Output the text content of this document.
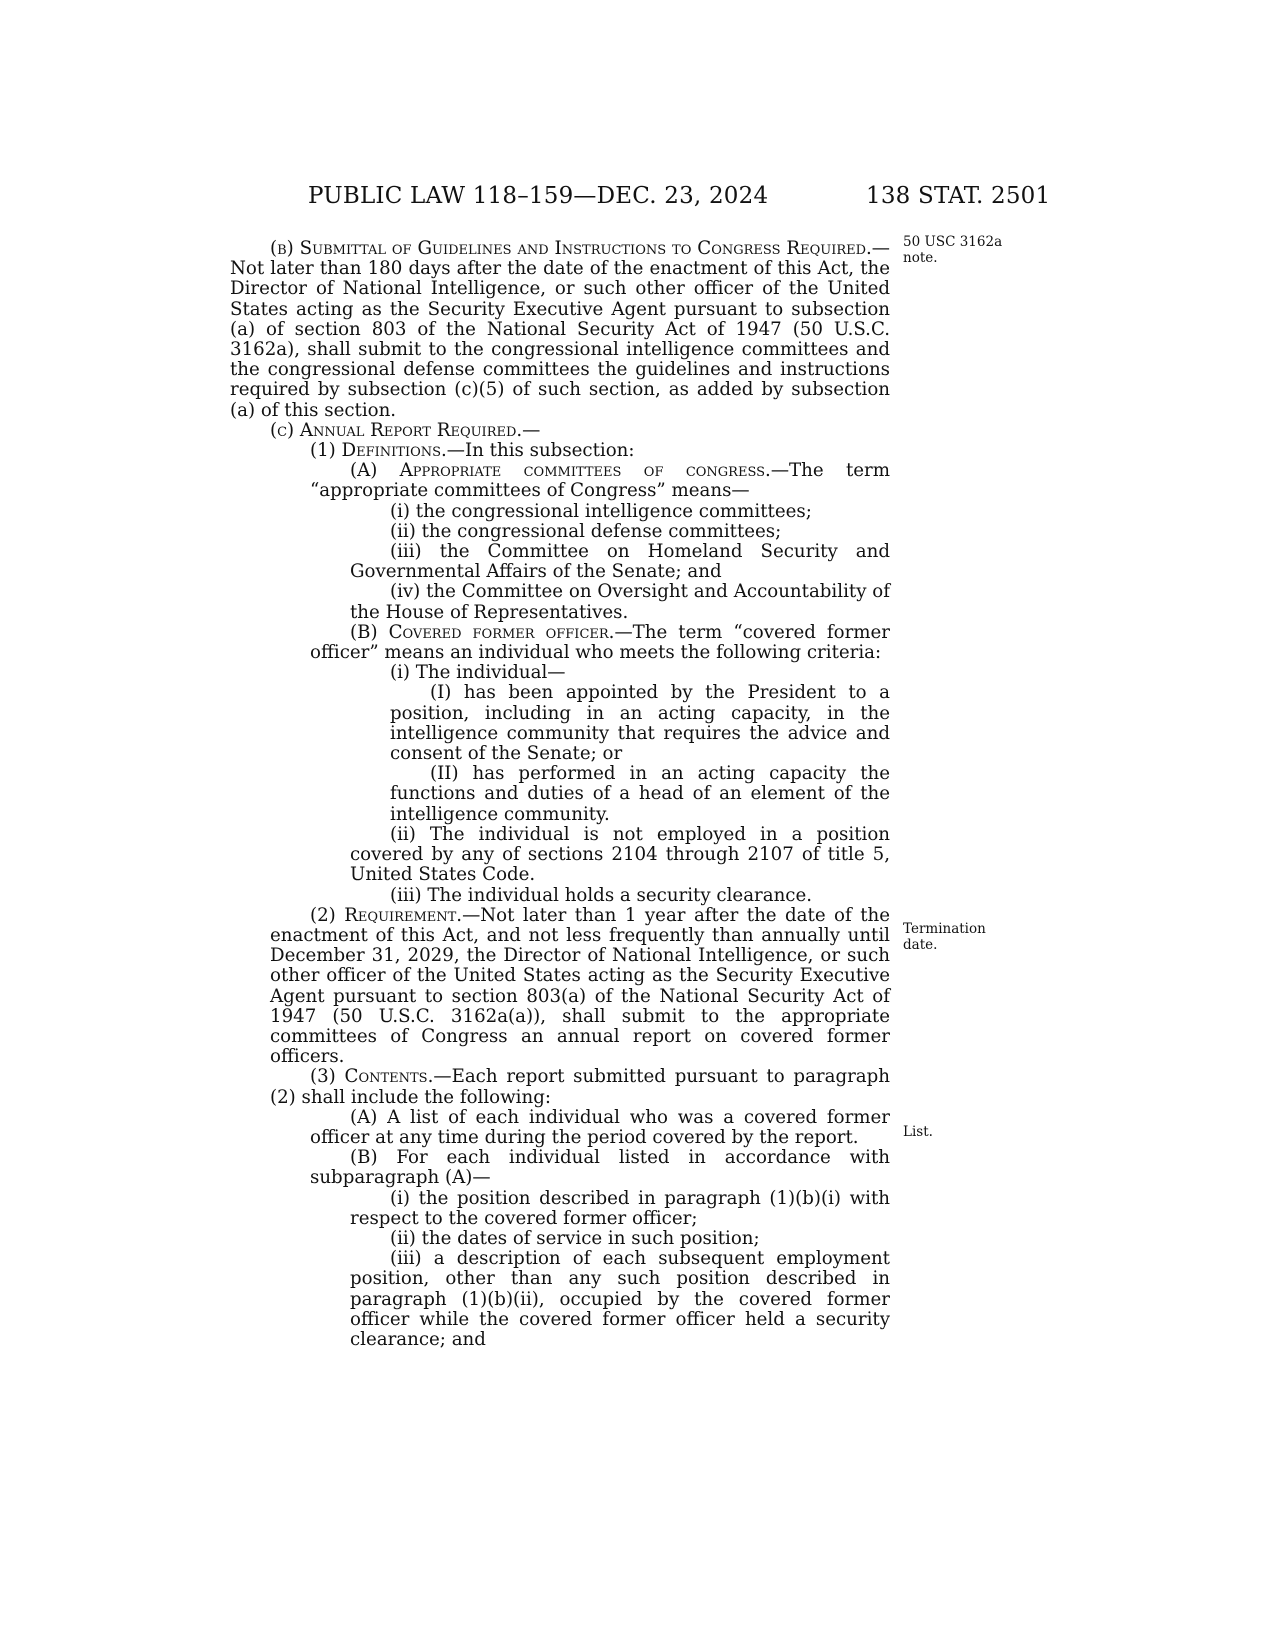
PUBLIC LAW 118–159—DEC. 23, 2024	138 STAT. 2501
50 USC 3162a
note.
Termination
date.
List.

(b) Submittal of Guidelines and Instructions to Congress Required.—Not later than 180 days after the date of the enactment of this Act, the Director of National Intelligence, or such other officer of the United States acting as the Security Executive Agent pursuant to subsection (a) of section 803 of the National Security Act of 1947 (50 U.S.C. 3162a), shall submit to the congressional intelligence committees and the congressional defense committees the guidelines and instructions required by subsection (c)(5) of such section, as added by subsection (a) of this section.

(c) Annual Report Required.—

(1) Definitions.—In this subsection:

(A) Appropriate committees of congress.—The term “appropriate committees of Congress” means—

(i) the congressional intelligence committees;

(ii) the congressional defense committees;

(iii) the Committee on Homeland Security and Governmental Affairs of the Senate; and

(iv) the Committee on Oversight and Accountability of the House of Representatives.

(B) Covered former officer.—The term “covered former officer” means an individual who meets the following criteria:

(i) The individual—

(I) has been appointed by the President to a position, including in an acting capacity, in the intelligence community that requires the advice and consent of the Senate; or

(II) has performed in an acting capacity the functions and duties of a head of an element of the intelligence community.

(ii) The individual is not employed in a position covered by any of sections 2104 through 2107 of title 5, United States Code.

(iii) The individual holds a security clearance.

(2) Requirement.—Not later than 1 year after the date of the enactment of this Act, and not less frequently than annually until December 31, 2029, the Director of National Intelligence, or such other officer of the United States acting as the Security Executive Agent pursuant to section 803(a) of the National Security Act of 1947 (50 U.S.C. 3162a(a)), shall submit to the appropriate committees of Congress an annual report on covered former officers.

(3) Contents.—Each report submitted pursuant to paragraph (2) shall include the following:

(A) A list of each individual who was a covered former officer at any time during the period covered by the report.

(B) For each individual listed in accordance with subparagraph (A)—

(i) the position described in paragraph (1)(b)(i) with respect to the covered former officer;

(ii) the dates of service in such position;

(iii) a description of each subsequent employment position, other than any such position described in paragraph (1)(b)(ii), occupied by the covered former officer while the covered former officer held a security clearance; and
